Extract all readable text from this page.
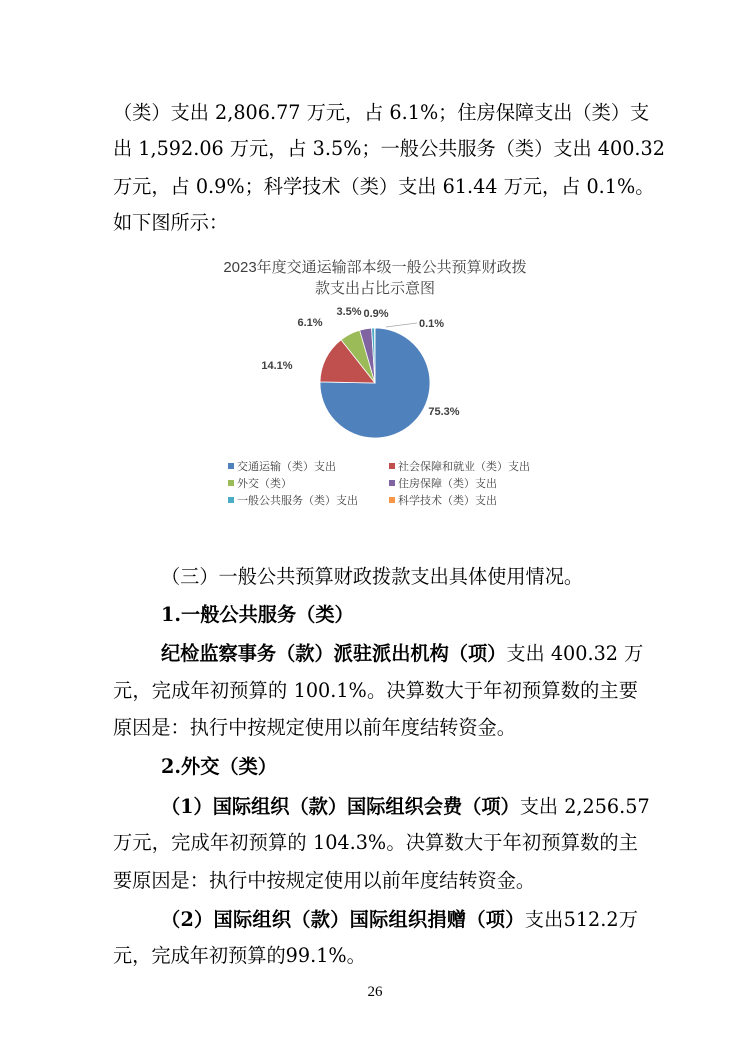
（类）支出 2,806.77 万元，占 6.1%；住房保障支出（类）支
出 1,592.06 万元，占 3.5%；一般公共服务（类）支出 400.32
万元，占 0.9%；科学技术（类）支出 61.44 万元，占 0.1%。
如下图所示：
2023年度交通运输部本级一般公共预算财政拨
款支出占比示意图
75.3%
14.1%
6.1%
3.5% 0.9%
0.1%
交通运输（类）支出	社会保障和就业（类）支出
外交（类）	住房保障（类）支出
一般公共服务（类）支出	科学技术（类）支出
（三）一般公共预算财政拨款支出具体使用情况。
1.一般公共服务（类）
纪检监察事务（款）派驻派出机构（项）支出 400.32 万
元，完成年初预算的 100.1%。决算数大于年初预算数的主要
原因是：执行中按规定使用以前年度结转资金。
2.外交（类）
（1）国际组织（款）国际组织会费（项）支出 2,256.57
万元，完成年初预算的 104.3%。决算数大于年初预算数的主
要原因是：执行中按规定使用以前年度结转资金。
（2）国际组织（款）国际组织捐赠（项）支出512.2万
元，完成年初预算的99.1%。
26
